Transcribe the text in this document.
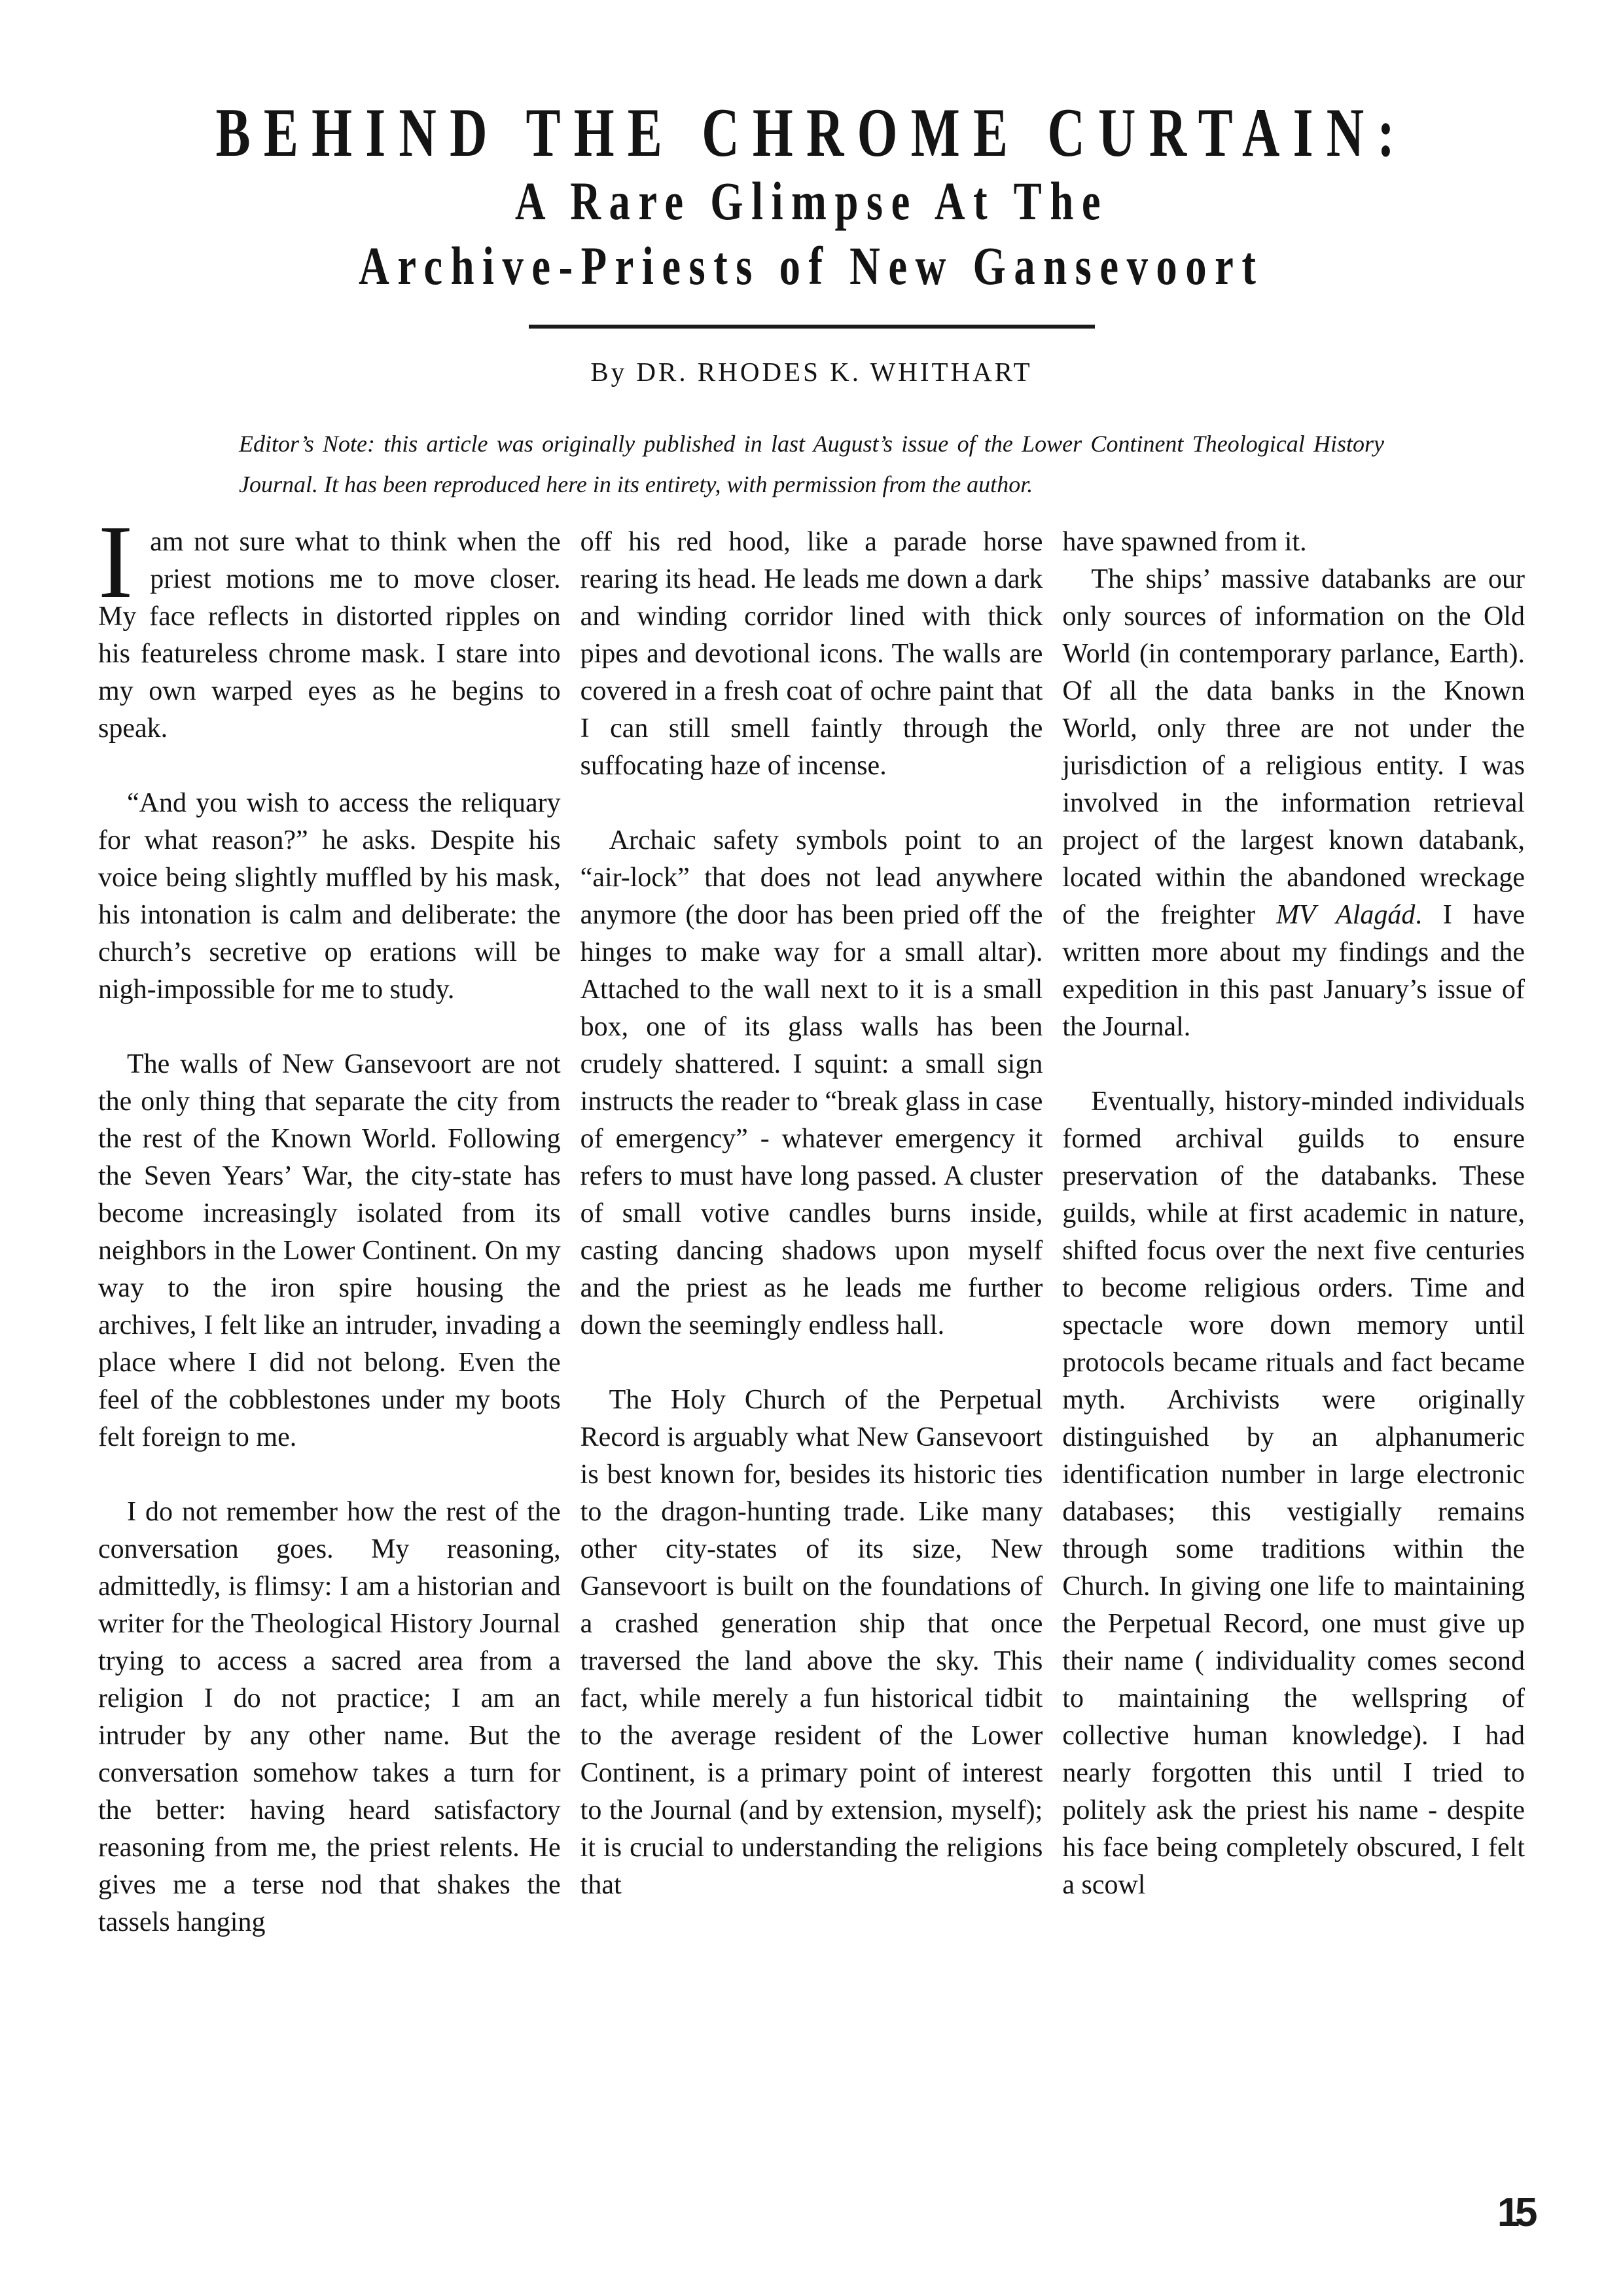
BEHIND THE CHROME CURTAIN:
A Rare Glimpse At The
Archive-Priests of New Gansevoort
By DR. RHODES K. WHITHART

Editor’s Note: this article was originally published in last August’s issue of the Lower Continent Theological History Journal. It has been reproduced here in its entirety, with permission from the author.

Iam not sure what to think when the priest motions me to move closer. My face reflects in distorted ripples on his featureless chrome mask. I stare into my own warped eyes as he begins to speak.

“And you wish to access the reliquary for what reason?” he asks. Despite his voice being slightly muffled by his mask, his intonation is calm and deliberate: the church’s secretive op erations will be nigh-impossible for me to study.

The walls of New Gansevoort are not the only thing that separate the city from the rest of the Known World. Following the Seven Years’ War, the city-state has become increasingly isolated from its neighbors in the Lower Continent. On my way to the iron spire housing the archives, I felt like an intruder, invading a place where I did not belong. Even the feel of the cobblestones under my boots felt foreign to me.

I do not remember how the rest of the conversation goes. My reasoning, admittedly, is flimsy: I am a historian and writer for the Theological History Journal trying to access a sacred area from a religion I do not practice; I am an intruder by any other name. But the conversation somehow takes a turn for the better: having heard satisfactory reasoning from me, the priest relents. He gives me a terse nod that shakes the tassels hanging

off his red hood, like a parade horse rearing its head. He leads me down a dark and winding corridor lined with thick pipes and devotional icons. The walls are covered in a fresh coat of ochre paint that I can still smell faintly through the suffocating haze of incense.

Archaic safety symbols point to an “air-lock” that does not lead anywhere anymore (the door has been pried off the hinges to make way for a small altar). Attached to the wall next to it is a small box, one of its glass walls has been crudely shattered. I squint: a small sign instructs the reader to “break glass in case of emergency” - whatever emergency it refers to must have long passed. A cluster of small votive candles burns inside, casting dancing shadows upon myself and the priest as he leads me further down the seemingly endless hall.

The Holy Church of the Perpetual Record is arguably what New Gansevoort is best known for, besides its historic ties to the dragon-hunting trade. Like many other city-states of its size, New Gansevoort is built on the foundations of a crashed generation ship that once traversed the land above the sky. This fact, while merely a fun historical tidbit to the average resident of the Lower Continent, is a primary point of interest to the Journal (and by extension, myself); it is crucial to understanding the religions that

have spawned from it.

The ships’ massive databanks are our only sources of information on the Old World (in contemporary parlance, Earth). Of all the data banks in the Known World, only three are not under the jurisdiction of a religious entity. I was involved in the information retrieval project of the largest known databank, located within the abandoned wreckage of the freighter MV Alagád. I have written more about my findings and the expedition in this past January’s issue of the Journal.

Eventually, history-minded individuals formed archival guilds to ensure preservation of the databanks. These guilds, while at first academic in nature, shifted focus over the next five centuries to become religious orders. Time and spectacle wore down memory until protocols became rituals and fact became myth. Archivists were originally distinguished by an alphanumeric identification number in large electronic databases; this vestigially remains through some traditions within the Church. In giving one life to maintaining the Perpetual Record, one must give up their name ( individuality comes second to maintaining the wellspring of collective human knowledge). I had nearly forgotten this until I tried to politely ask the priest his name - despite his face being completely obscured, I felt a scowl

15
